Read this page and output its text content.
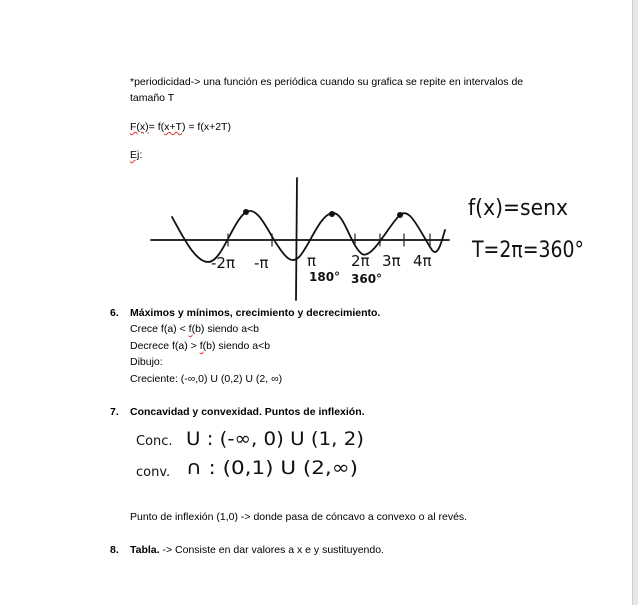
*periodicidad-> una función es periódica cuando su grafica se repite en intervalos de
tamaño T
F(x)= f(x+T) = f(x+2T)
Ej:
-2π -π	π 2π 3π 4π
180° 360°
f(x)=senx
T=2π=360°
6. Máximos y mínimos, crecimiento y decrecimiento.
Crece f(a) < f(b) siendo a<b
Decrece f(a) > f(b) siendo a<b
Dibujo:
Creciente: (-∞,0) U (0,2) U (2, ∞)
7. Concavidad y convexidad. Puntos de inflexión.
Conc. U : (-∞, 0) U (1, 2)
conv. ∩ : (0,1) U (2,∞)
Punto de inflexión (1,0) -> donde pasa de cóncavo a convexo o al revés.
8. Tabla. -> Consiste en dar valores a x e y sustituyendo.
